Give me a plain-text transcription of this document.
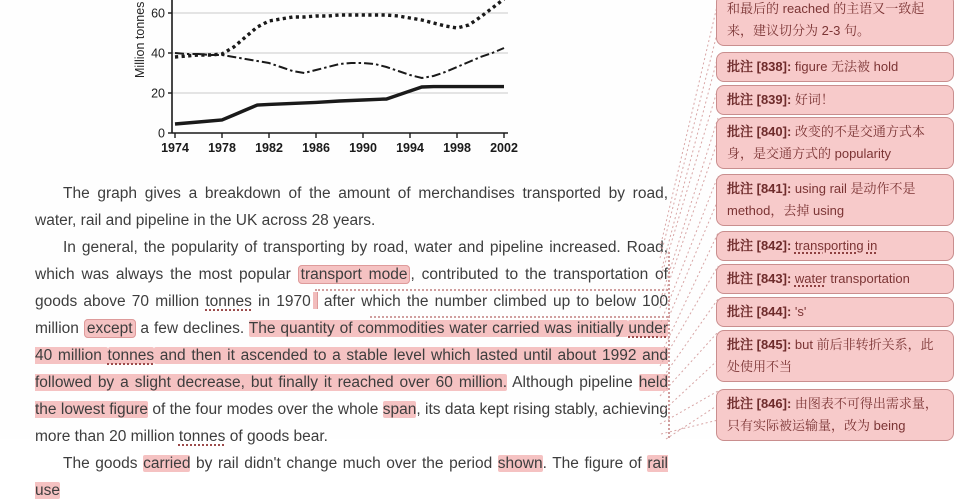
0
20
40
60
1974 1978 1982 1986 1990 1994 1998 2002
Million tonnes

The graph gives a breakdown of the amount of merchandises transported by road, water, rail and pipeline in the UK across 28 years.

In general, the popularity of transporting by road, water and pipeline increased. Road, which was always the most popular transport mode , contributed to the transportation of goods above 70 million tonnes in 1970 after which the number climbed up to below 100 million except a few declines. The quantity of commodities water carried was initially under 40 million tonnes and then it ascended to a stable level which lasted until about 1992 and followed by a slight decrease, but finally it reached over 60 million. Although pipeline held the lowest figure of the four modes over the whole span, its data kept rising stably, achieving more than 20 million tonnes of goods bear.

The goods carried by rail didn't change much over the period shown. The figure of rail use

和最后的 reached 的主语又一致起来，建议切分为 2-3 句。
批注 [838]: figure 无法被 hold
批注 [839]: 好词！
批注 [840]: 改变的不是交通方式本身，是交通方式的 popularity
批注 [841]: using rail 是动作不是 method，去掉 using
批注 [842]: transporting in
批注 [843]: water transportation
批注 [844]: 's'
批注 [845]: but 前后非转折关系，此处使用不当
批注 [846]: 由图表不可得出需求量，只有实际被运输量，改为 being
